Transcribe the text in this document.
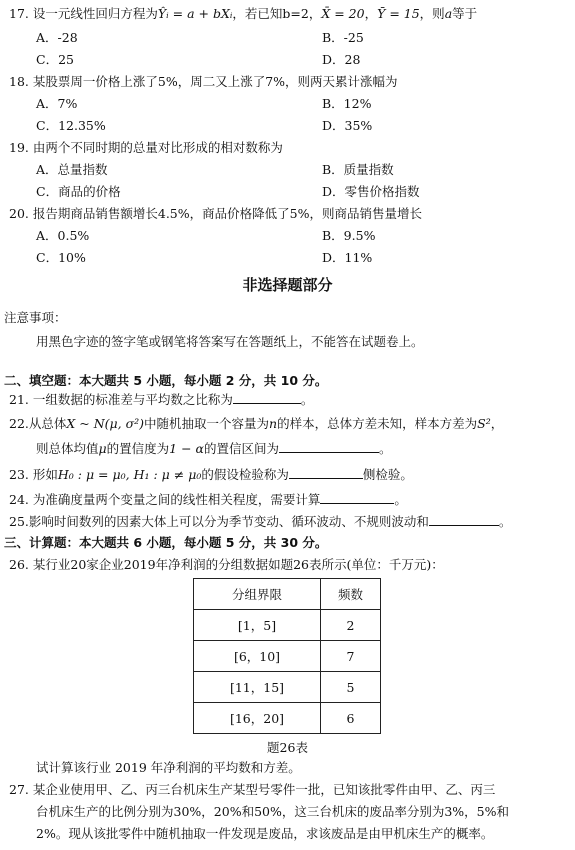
17. 设一元线性回归方程为Ŷᵢ = a + bXᵢ，若已知b=2，X̄ = 20，Ȳ = 15，则a等于
A．-28	B．-25
C．25	D．28
18. 某股票周一价格上涨了5%，周二又上涨了7%，则两天累计涨幅为
A．7%	B．12%
C．12.35%	D．35%
19. 由两个不同时期的总量对比形成的相对数称为
A．总量指数	B．质量指数
C．商品的价格	D．零售价格指数
20. 报告期商品销售额增长4.5%，商品价格降低了5%，则商品销售量增长
A．0.5%	B．9.5%
C．10%	D．11%
非选择题部分
注意事项：
用黑色字迹的签字笔或钢笔将答案写在答题纸上，不能答在试题卷上。
二、填空题：本大题共 5 小题，每小题 2 分，共 10 分。
21. 一组数据的标准差与平均数之比称为	。
22.从总体X ~ N(μ, σ²)中随机抽取一个容量为n的样本，总体方差未知，样本方差为S²，
则总体均值μ的置信度为1 − α的置信区间为	。
23. 形如H₀ : μ = μ₀, H₁ : μ ≠ μ₀的假设检验称为	侧检验。
24. 为准确度量两个变量之间的线性相关程度，需要计算	。
25.影响时间数列的因素大体上可以分为季节变动、循环波动、不规则波动和	。
三、计算题：本大题共 6 小题，每小题 5 分，共 30 分。
26. 某行业20家企业2019年净利润的分组数据如题26表所示(单位：千万元)：
分组界限	频数
[1，5]	2
[6，10]	7
[11，15]	5
[16，20]	6
题26表
试计算该行业 2019 年净利润的平均数和方差。
27. 某企业使用甲、乙、丙三台机床生产某型号零件一批，已知该批零件由甲、乙、丙三
台机床生产的比例分别为30%，20%和50%，这三台机床的废品率分别为3%，5%和
2%。现从该批零件中随机抽取一件发现是废品，求该废品是由甲机床生产的概率。
